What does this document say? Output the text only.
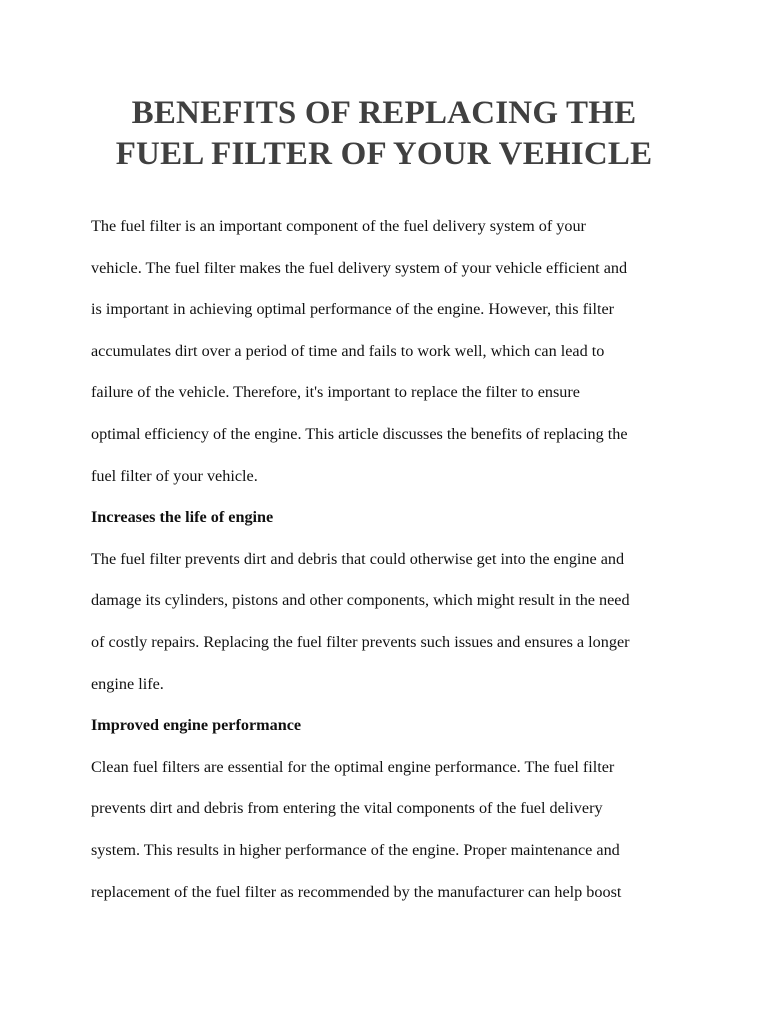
BENEFITS OF REPLACING THE
FUEL FILTER OF YOUR VEHICLE

The fuel filter is an important component of the fuel delivery system of your
vehicle. The fuel filter makes the fuel delivery system of your vehicle efficient and
is important in achieving optimal performance of the engine. However, this filter
accumulates dirt over a period of time and fails to work well, which can lead to
failure of the vehicle. Therefore, it's important to replace the filter to ensure
optimal efficiency of the engine. This article discusses the benefits of replacing the
fuel filter of your vehicle.

Increases the life of engine

The fuel filter prevents dirt and debris that could otherwise get into the engine and
damage its cylinders, pistons and other components, which might result in the need
of costly repairs. Replacing the fuel filter prevents such issues and ensures a longer
engine life.

Improved engine performance

Clean fuel filters are essential for the optimal engine performance. The fuel filter
prevents dirt and debris from entering the vital components of the fuel delivery
system. This results in higher performance of the engine. Proper maintenance and
replacement of the fuel filter as recommended by the manufacturer can help boost
